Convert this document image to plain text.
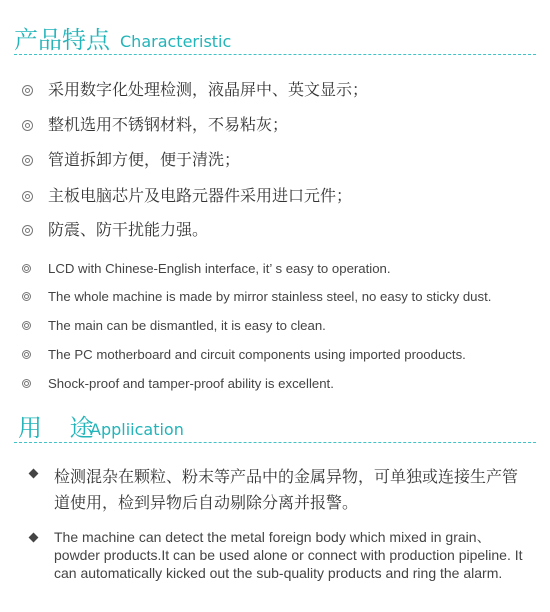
产品特点 Characteristic
采用数字化处理检测，液晶屏中、英文显示；
整机选用不锈钢材料，不易粘灰；
管道拆卸方便，便于清洗；
主板电脑芯片及电路元器件采用进口元件；
防震、防干扰能力强。
LCD with Chinese-English interface, it’ s easy to operation.
The whole machine is made by mirror stainless steel, no easy to sticky dust.
The main can be dismantled, it is easy to clean.
The PC motherboard and circuit components using imported prooducts.
Shock-proof and tamper-proof ability is excellent.
用 途
Appliication
检测混杂在颗粒、粉末等产品中的金属异物，可单独或连接生产管道使用，检到异物后自动剔除分离并报警。
The machine can detect the metal foreign body which mixed in grain、powder products.It can be used alone or connect with production pipeline. It can automatically kicked out the sub-quality products and ring the alarm.
